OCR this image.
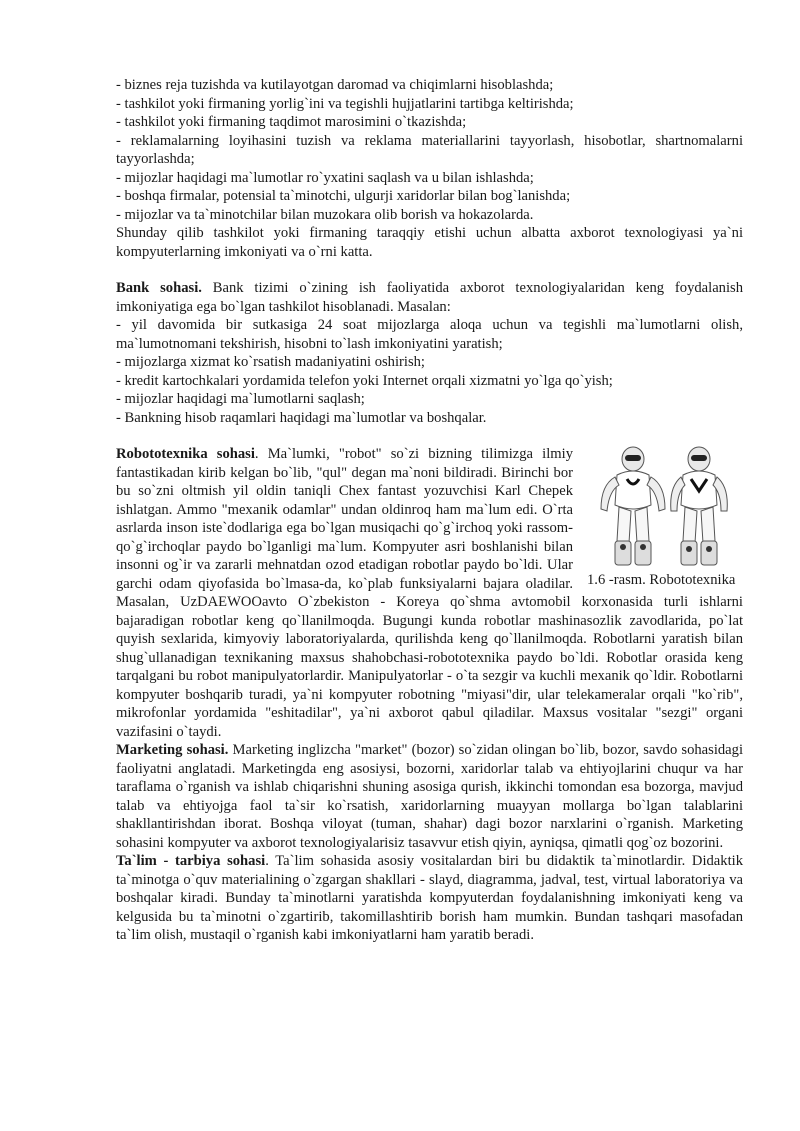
- biznes reja tuzishda va kutilayotgan daromad va chiqimlarni hisoblashda;

- tashkilot yoki firmaning yorlig`ini va tegishli hujjatlarini tartibga keltirishda;

- tashkilot yoki firmaning taqdimot marosimini o`tkazishda;

- reklamalarning loyihasini tuzish va reklama materiallarini tayyorlash, hisobotlar, shartnomalarni tayyorlashda;

- mijozlar haqidagi ma`lumotlar ro`yxatini saqlash va u bilan ishlashda;

- boshqa firmalar, potensial ta`minotchi, ulgurji xaridorlar bilan bog`lanishda;

- mijozlar va ta`minotchilar bilan muzokara olib borish va hokazolarda.

Shunday qilib tashkilot yoki firmaning taraqqiy etishi uchun albatta axborot texnologiyasi ya`ni kompyuterlarning imkoniyati va o`rni katta.

Bank sohasi. Bank tizimi o`zining ish faoliyatida axborot texnologiyalaridan keng foydalanish imkoniyatiga ega bo`lgan tashkilot hisoblanadi. Masalan:

- yil davomida bir sutkasiga 24 soat mijozlarga aloqa uchun va tegishli ma`lumotlarni olish, ma`lumotnomani tekshirish, hisobni to`lash imkoniyatini yaratish;

- mijozlarga xizmat ko`rsatish madaniyatini oshirish;

- kredit kartochkalari yordamida telefon yoki Internet orqali xizmatni yo`lga qo`yish;

- mijozlar haqidagi ma`lumotlarni saqlash;

- Bankning hisob raqamlari haqidagi ma`lumotlar va boshqalar.

1.6 -rasm. Robototexnika

Robototexnika sohasi. Ma`lumki, "robot" so`zi bizning tilimizga ilmiy fantastikadan kirib kelgan bo`lib, "qul" degan ma`noni bildiradi. Birinchi bor bu so`zni oltmish yil oldin taniqli Chex fantast yozuvchisi Karl Chepek ishlatgan. Ammo "mexanik odamlar" undan oldinroq ham ma`lum edi. O`rta asrlarda inson iste`dodlariga ega bo`lgan musiqachi qo`g`irchoq yoki rassom-qo`g`irchoqlar paydo bo`lganligi ma`lum. Kompyuter asri boshlanishi bilan insonni og`ir va zararli mehnatdan ozod etadigan robotlar paydo bo`ldi. Ular garchi odam qiyofasida bo`lmasa-da, ko`plab funksiyalarni bajara oladilar. Masalan, UzDAEWOOavto O`zbekiston - Koreya qo`shma avtomobil korxonasida turli ishlarni bajaradigan robotlar keng qo`llanilmoqda. Bugungi kunda robotlar mashinasozlik zavodlarida, po`lat quyish sexlarida, kimyoviy laboratoriyalarda, qurilishda keng qo`llanilmoqda. Robotlarni yaratish bilan shug`ullanadigan texnikaning maxsus shahobchasi-robototexnika paydo bo`ldi. Robotlar orasida keng tarqalgani bu robot manipulyatorlardir. Manipulyatorlar - o`ta sezgir va kuchli mexanik qo`ldir. Robotlarni kompyuter boshqarib turadi, ya`ni kompyuter robotning "miyasi"dir, ular telekameralar orqali "ko`rib", mikrofonlar yordamida "eshitadilar", ya`ni axborot qabul qiladilar. Maxsus vositalar "sezgi" organi vazifasini o`taydi.

Marketing sohasi. Marketing inglizcha "market" (bozor) so`zidan olingan bo`lib, bozor, savdo sohasidagi faoliyatni anglatadi. Marketingda eng asosiysi, bozorni, xaridorlar talab va ehtiyojlarini chuqur va har taraflama o`rganish va ishlab chiqarishni shuning asosiga qurish, ikkinchi tomondan esa bozorga, mavjud talab va ehtiyojga faol ta`sir ko`rsatish, xaridorlarning muayyan mollarga bo`lgan talablarini shakllantirishdan iborat. Boshqa viloyat (tuman, shahar) dagi bozor narxlarini o`rganish. Marketing sohasini kompyuter va axborot texnologiyalarisiz tasavvur etish qiyin, ayniqsa, qimatli qog`oz bozorini.

Ta`lim - tarbiya sohasi. Ta`lim sohasida asosiy vositalardan biri bu didaktik ta`minotlardir. Didaktik ta`minotga o`quv materialining o`zgargan shakllari - slayd, diagramma, jadval, test, virtual laboratoriya va boshqalar kiradi. Bunday ta`minotlarni yaratishda kompyuterdan foydalanishning imkoniyati keng va kelgusida bu ta`minotni o`zgartirib, takomillashtirib borish ham mumkin. Bundan tashqari masofadan ta`lim olish, mustaqil o`rganish kabi imkoniyatlarni ham yaratib beradi.
